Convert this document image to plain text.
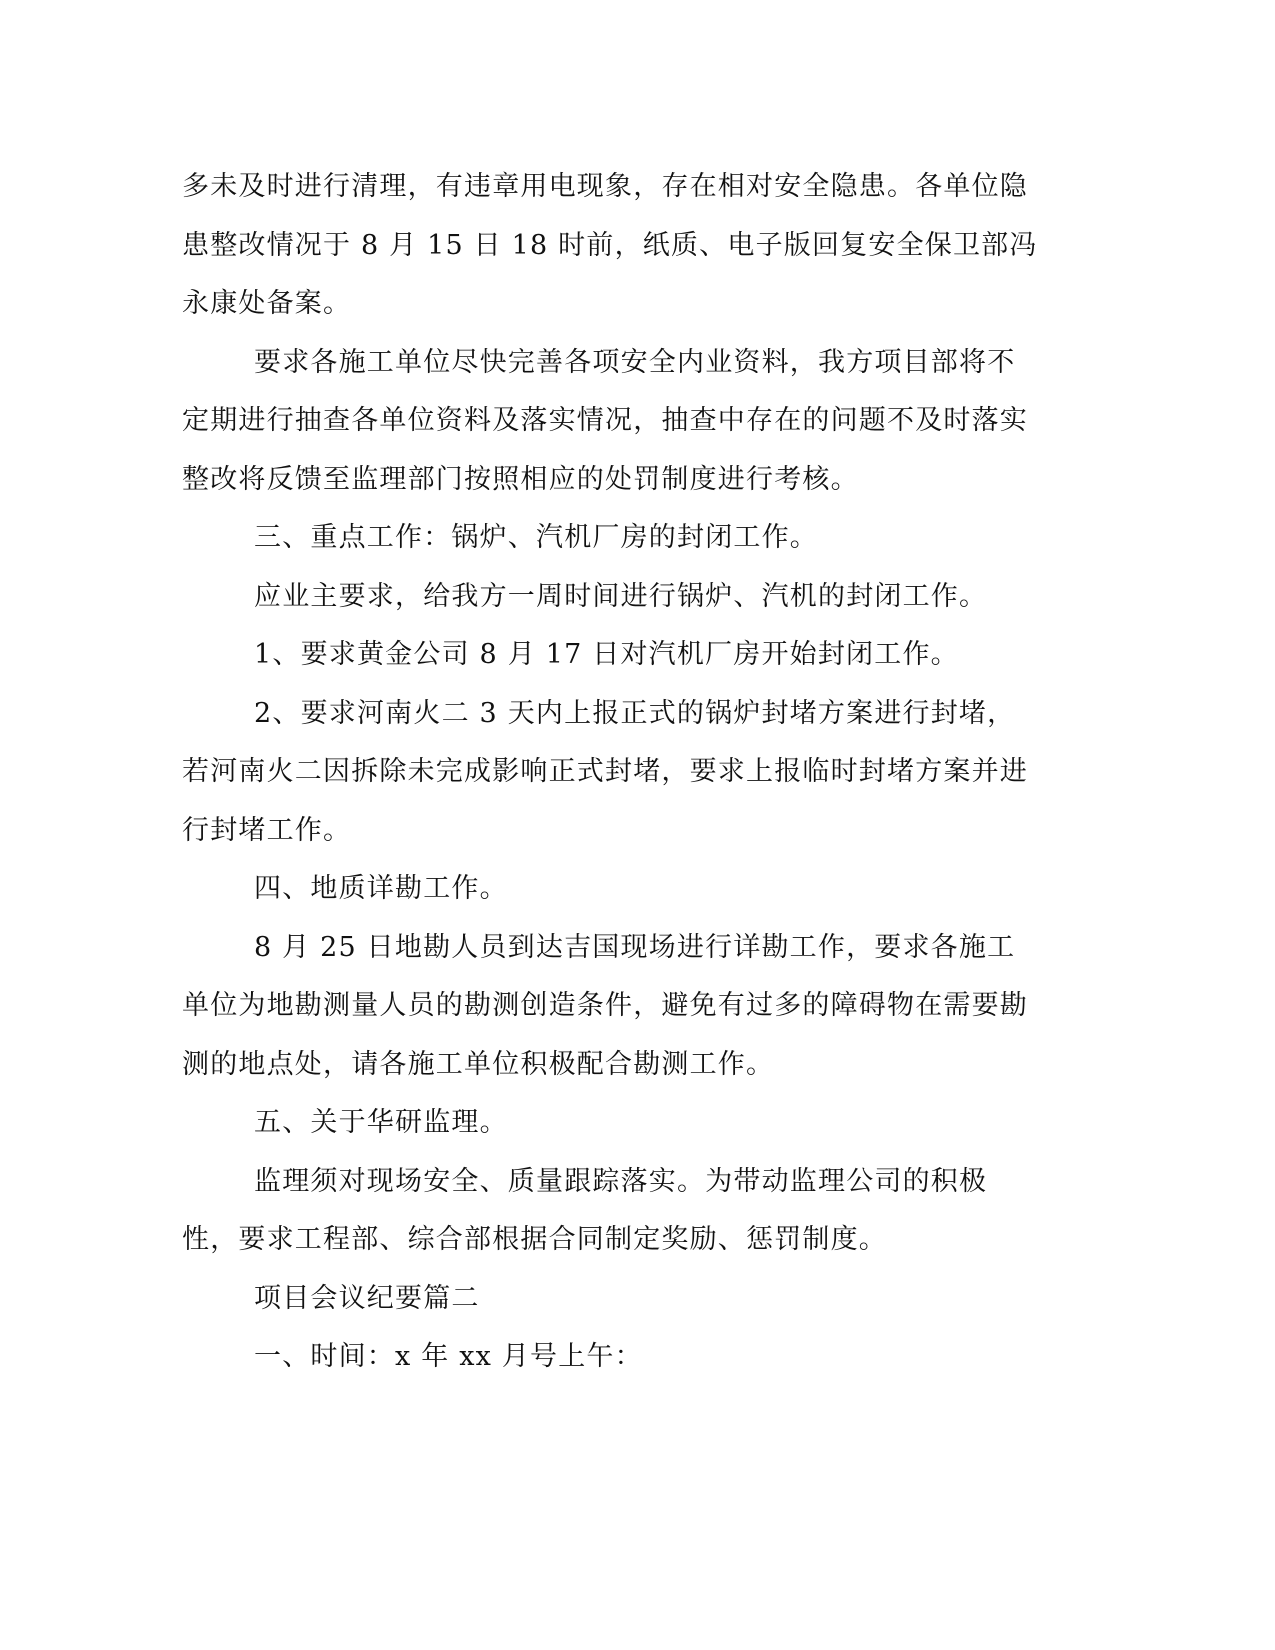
多未及时进行清理，有违章用电现象，存在相对安全隐患。各单位隐患整改情况于 8 月 15 日 18 时前，纸质、电子版回复安全保卫部冯永康处备案。

要求各施工单位尽快完善各项安全内业资料，我方项目部将不定期进行抽查各单位资料及落实情况，抽查中存在的问题不及时落实整改将反馈至监理部门按照相应的处罚制度进行考核。

三、重点工作：锅炉、汽机厂房的封闭工作。

应业主要求，给我方一周时间进行锅炉、汽机的封闭工作。

1、要求黄金公司 8 月 17 日对汽机厂房开始封闭工作。

2、要求河南火二 3 天内上报正式的锅炉封堵方案进行封堵，若河南火二因拆除未完成影响正式封堵，要求上报临时封堵方案并进行封堵工作。

四、地质详勘工作。

8 月 25 日地勘人员到达吉国现场进行详勘工作，要求各施工单位为地勘测量人员的勘测创造条件，避免有过多的障碍物在需要勘测的地点处，请各施工单位积极配合勘测工作。

五、关于华研监理。

监理须对现场安全、质量跟踪落实。为带动监理公司的积极性，要求工程部、综合部根据合同制定奖励、惩罚制度。

项目会议纪要篇二

一、时间：x 年 xx 月号上午：
